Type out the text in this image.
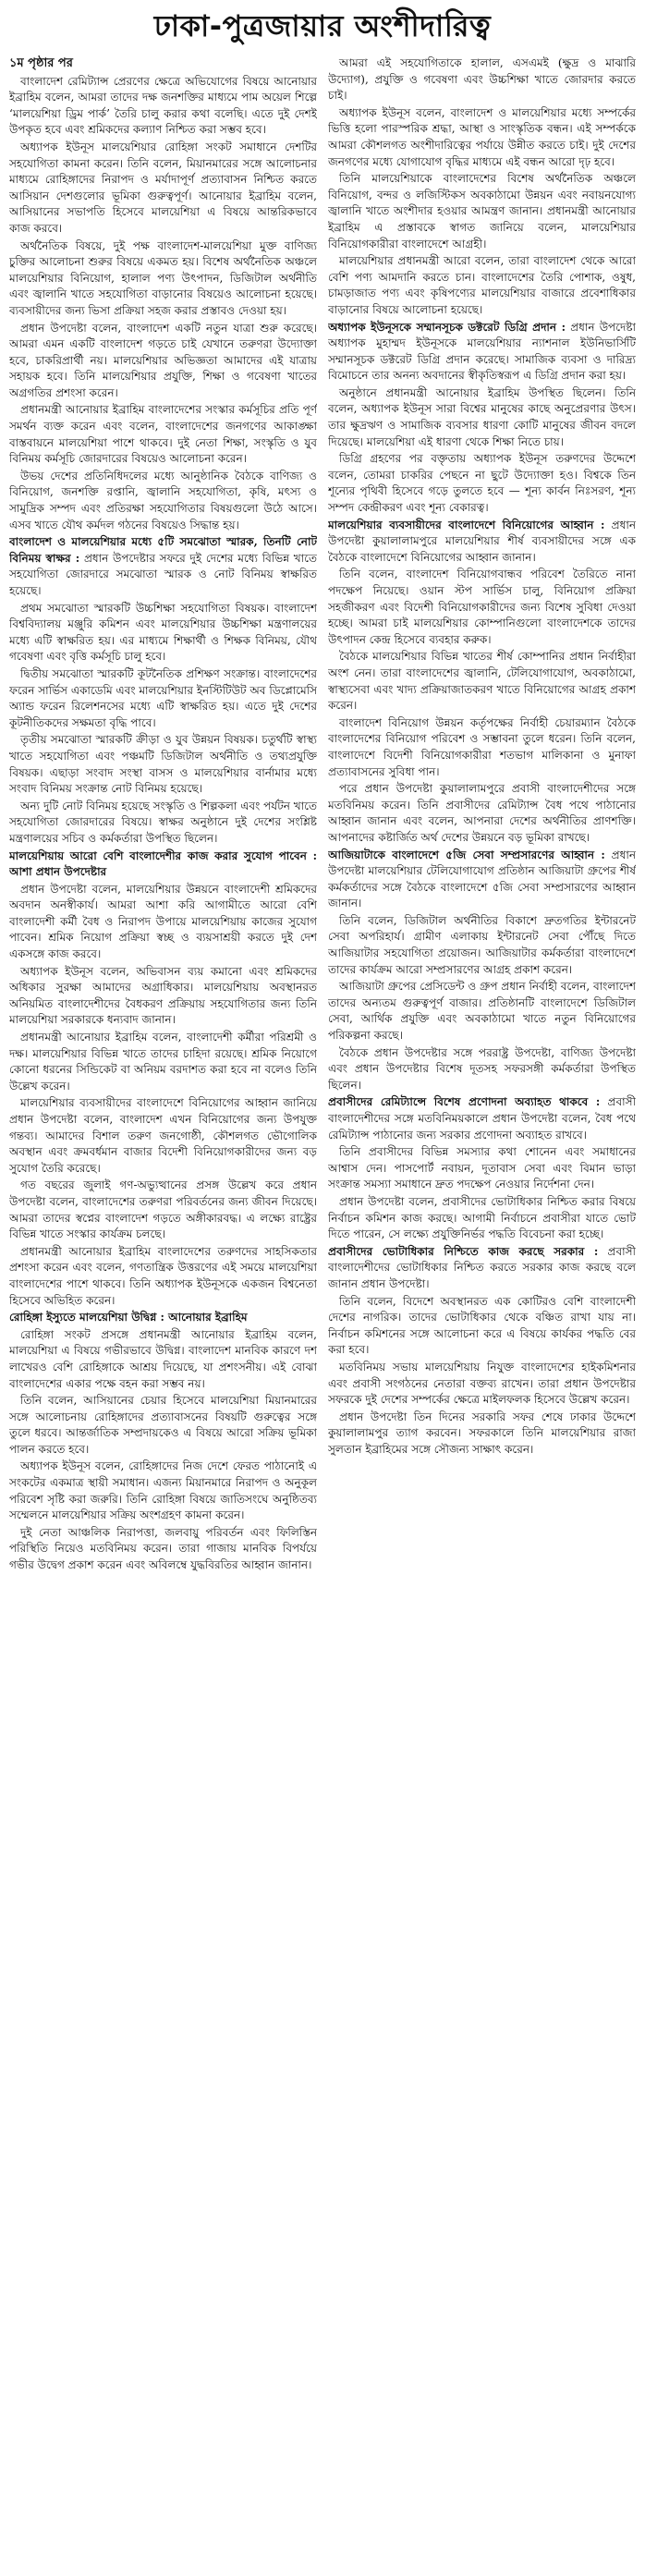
ঢাকা-পুত্রজায়ার অংশীদারিত্ব
১ম পৃষ্ঠার পর

বাংলাদেশ রেমিট্যান্স প্রেরণের ক্ষেত্রে অভিযোগের বিষয়ে আনোয়ার ইব্রাহিম বলেন, আমরা তাদের দক্ষ জনশক্তির মাধ্যমে পাম অয়েল শিল্পে ‘মালয়েশিয়া ড্রিম পার্ক’ তৈরি চালু করার কথা বলেছি। এতে দুই দেশই উপকৃত হবে এবং শ্রমিকদের কল্যাণ নিশ্চিত করা সম্ভব হবে।

অধ্যাপক ইউনূস মালয়েশিয়ার রোহিঙ্গা সংকট সমাধানে দেশটির সহযোগিতা কামনা করেন। তিনি বলেন, মিয়ানমারের সঙ্গে আলোচনার মাধ্যমে রোহিঙ্গাদের নিরাপদ ও মর্যাদাপূর্ণ প্রত্যাবাসন নিশ্চিত করতে আসিয়ান দেশগুলোর ভূমিকা গুরুত্বপূর্ণ। আনোয়ার ইব্রাহিম বলেন, আসিয়ানের সভাপতি হিসেবে মালয়েশিয়া এ বিষয়ে আন্তরিকভাবে কাজ করবে।

অর্থনৈতিক বিষয়ে, দুই পক্ষ বাংলাদেশ-মালয়েশিয়া মুক্ত বাণিজ্য চুক্তির আলোচনা শুরুর বিষয়ে একমত হয়। বিশেষ অর্থনৈতিক অঞ্চলে মালয়েশিয়ার বিনিয়োগ, হালাল পণ্য উৎপাদন, ডিজিটাল অর্থনীতি এবং জ্বালানি খাতে সহযোগিতা বাড়ানোর বিষয়েও আলোচনা হয়েছে। ব্যবসায়ীদের জন্য ভিসা প্রক্রিয়া সহজ করার প্রস্তাবও দেওয়া হয়।

প্রধান উপদেষ্টা বলেন, বাংলাদেশ একটি নতুন যাত্রা শুরু করেছে। আমরা এমন একটি বাংলাদেশ গড়তে চাই যেখানে তরুণরা উদ্যোক্তা হবে, চাকরিপ্রার্থী নয়। মালয়েশিয়ার অভিজ্ঞতা আমাদের এই যাত্রায় সহায়ক হবে। তিনি মালয়েশিয়ার প্রযুক্তি, শিক্ষা ও গবেষণা খাতের অগ্রগতির প্রশংসা করেন।

প্রধানমন্ত্রী আনোয়ার ইব্রাহিম বাংলাদেশের সংস্কার কর্মসূচির প্রতি পূর্ণ সমর্থন ব্যক্ত করেন এবং বলেন, বাংলাদেশের জনগণের আকাঙ্ক্ষা বাস্তবায়নে মালয়েশিয়া পাশে থাকবে। দুই নেতা শিক্ষা, সংস্কৃতি ও যুব বিনিময় কর্মসূচি জোরদারের বিষয়েও আলোচনা করেন।

উভয় দেশের প্রতিনিধিদলের মধ্যে আনুষ্ঠানিক বৈঠকে বাণিজ্য ও বিনিয়োগ, জনশক্তি রপ্তানি, জ্বালানি সহযোগিতা, কৃষি, মৎস্য ও সামুদ্রিক সম্পদ এবং প্রতিরক্ষা সহযোগিতার বিষয়গুলো উঠে আসে। এসব খাতে যৌথ কর্মদল গঠনের বিষয়েও সিদ্ধান্ত হয়।

বাংলাদেশ ও মালয়েশিয়ার মধ্যে ৫টি সমঝোতা স্মারক, তিনটি নোট বিনিময় স্বাক্ষর : প্রধান উপদেষ্টার সফরে দুই দেশের মধ্যে বিভিন্ন খাতে সহযোগিতা জোরদারে সমঝোতা স্মারক ও নোট বিনিময় স্বাক্ষরিত হয়েছে।

প্রথম সমঝোতা স্মারকটি উচ্চশিক্ষা সহযোগিতা বিষয়ক। বাংলাদেশ বিশ্ববিদ্যালয় মঞ্জুরি কমিশন এবং মালয়েশিয়ার উচ্চশিক্ষা মন্ত্রণালয়ের মধ্যে এটি স্বাক্ষরিত হয়। এর মাধ্যমে শিক্ষার্থী ও শিক্ষক বিনিময়, যৌথ গবেষণা এবং বৃত্তি কর্মসূচি চালু হবে।

দ্বিতীয় সমঝোতা স্মারকটি কূটনৈতিক প্রশিক্ষণ সংক্রান্ত। বাংলাদেশের ফরেন সার্ভিস একাডেমি এবং মালয়েশিয়ার ইনস্টিটিউট অব ডিপ্লোমেসি অ্যান্ড ফরেন রিলেশনসের মধ্যে এটি স্বাক্ষরিত হয়। এতে দুই দেশের কূটনীতিকদের সক্ষমতা বৃদ্ধি পাবে।

তৃতীয় সমঝোতা স্মারকটি ক্রীড়া ও যুব উন্নয়ন বিষয়ক। চতুর্থটি স্বাস্থ্য খাতে সহযোগিতা এবং পঞ্চমটি ডিজিটাল অর্থনীতি ও তথ্যপ্রযুক্তি বিষয়ক। এছাড়া সংবাদ সংস্থা বাসস ও মালয়েশিয়ার বার্নামার মধ্যে সংবাদ বিনিময় সংক্রান্ত নোট বিনিময় হয়েছে।

অন্য দুটি নোট বিনিময় হয়েছে সংস্কৃতি ও শিল্পকলা এবং পর্যটন খাতে সহযোগিতা জোরদারের বিষয়ে। স্বাক্ষর অনুষ্ঠানে দুই দেশের সংশ্লিষ্ট মন্ত্রণালয়ের সচিব ও কর্মকর্তারা উপস্থিত ছিলেন।

মালয়েশিয়ায় আরো বেশি বাংলাদেশীর কাজ করার সুযোগ পাবেন : আশা প্রধান উপদেষ্টার

প্রধান উপদেষ্টা বলেন, মালয়েশিয়ার উন্নয়নে বাংলাদেশী শ্রমিকদের অবদান অনস্বীকার্য। আমরা আশা করি আগামীতে আরো বেশি বাংলাদেশী কর্মী বৈধ ও নিরাপদ উপায়ে মালয়েশিয়ায় কাজের সুযোগ পাবেন। শ্রমিক নিয়োগ প্রক্রিয়া স্বচ্ছ ও ব্যয়সাশ্রয়ী করতে দুই দেশ একসঙ্গে কাজ করবে।

অধ্যাপক ইউনূস বলেন, অভিবাসন ব্যয় কমানো এবং শ্রমিকদের অধিকার সুরক্ষা আমাদের অগ্রাধিকার। মালয়েশিয়ায় অবস্থানরত অনিয়মিত বাংলাদেশীদের বৈধকরণ প্রক্রিয়ায় সহযোগিতার জন্য তিনি মালয়েশিয়া সরকারকে ধন্যবাদ জানান।

প্রধানমন্ত্রী আনোয়ার ইব্রাহিম বলেন, বাংলাদেশী কর্মীরা পরিশ্রমী ও দক্ষ। মালয়েশিয়ার বিভিন্ন খাতে তাদের চাহিদা রয়েছে। শ্রমিক নিয়োগে কোনো ধরনের সিন্ডিকেট বা অনিয়ম বরদাশত করা হবে না বলেও তিনি উল্লেখ করেন।

মালয়েশিয়ার ব্যবসায়ীদের বাংলাদেশে বিনিয়োগের আহ্বান জানিয়ে প্রধান উপদেষ্টা বলেন, বাংলাদেশ এখন বিনিয়োগের জন্য উপযুক্ত গন্তব্য। আমাদের বিশাল তরুণ জনগোষ্ঠী, কৌশলগত ভৌগোলিক অবস্থান এবং ক্রমবর্ধমান বাজার বিদেশী বিনিয়োগকারীদের জন্য বড় সুযোগ তৈরি করেছে।

গত বছরের জুলাই গণ-অভ্যুত্থানের প্রসঙ্গ উল্লেখ করে প্রধান উপদেষ্টা বলেন, বাংলাদেশের তরুণরা পরিবর্তনের জন্য জীবন দিয়েছে। আমরা তাদের স্বপ্নের বাংলাদেশ গড়তে অঙ্গীকারবদ্ধ। এ লক্ষ্যে রাষ্ট্রের বিভিন্ন খাতে সংস্কার কার্যক্রম চলছে।

প্রধানমন্ত্রী আনোয়ার ইব্রাহিম বাংলাদেশের তরুণদের সাহসিকতার প্রশংসা করেন এবং বলেন, গণতান্ত্রিক উত্তরণের এই সময়ে মালয়েশিয়া বাংলাদেশের পাশে থাকবে। তিনি অধ্যাপক ইউনূসকে একজন বিশ্বনেতা হিসেবে অভিহিত করেন।

রোহিঙ্গা ইস্যুতে মালয়েশিয়া উদ্বিগ্ন : আনোয়ার ইব্রাহিম

রোহিঙ্গা সংকট প্রসঙ্গে প্রধানমন্ত্রী আনোয়ার ইব্রাহিম বলেন, মালয়েশিয়া এ বিষয়ে গভীরভাবে উদ্বিগ্ন। বাংলাদেশ মানবিক কারণে দশ লাখেরও বেশি রোহিঙ্গাকে আশ্রয় দিয়েছে, যা প্রশংসনীয়। এই বোঝা বাংলাদেশের একার পক্ষে বহন করা সম্ভব নয়।

তিনি বলেন, আসিয়ানের চেয়ার হিসেবে মালয়েশিয়া মিয়ানমারের সঙ্গে আলোচনায় রোহিঙ্গাদের প্রত্যাবাসনের বিষয়টি গুরুত্বের সঙ্গে তুলে ধরবে। আন্তর্জাতিক সম্প্রদায়কেও এ বিষয়ে আরো সক্রিয় ভূমিকা পালন করতে হবে।

অধ্যাপক ইউনূস বলেন, রোহিঙ্গাদের নিজ দেশে ফেরত পাঠানোই এ সংকটের একমাত্র স্থায়ী সমাধান। এজন্য মিয়ানমারে নিরাপদ ও অনুকূল পরিবেশ সৃষ্টি করা জরুরি। তিনি রোহিঙ্গা বিষয়ে জাতিসংঘে অনুষ্ঠিতব্য সম্মেলনে মালয়েশিয়ার সক্রিয় অংশগ্রহণ কামনা করেন।

দুই নেতা আঞ্চলিক নিরাপত্তা, জলবায়ু পরিবর্তন এবং ফিলিস্তিন পরিস্থিতি নিয়েও মতবিনিময় করেন। তারা গাজায় মানবিক বিপর্যয়ে গভীর উদ্বেগ প্রকাশ করেন এবং অবিলম্বে যুদ্ধবিরতির আহ্বান জানান।

আমরা এই সহযোগিতাকে হালাল, এসএমই (ক্ষুদ্র ও মাঝারি উদ্যোগ), প্রযুক্তি ও গবেষণা এবং উচ্চশিক্ষা খাতে জোরদার করতে চাই।

অধ্যাপক ইউনূস বলেন, বাংলাদেশ ও মালয়েশিয়ার মধ্যে সম্পর্কের ভিত্তি হলো পারস্পরিক শ্রদ্ধা, আস্থা ও সাংস্কৃতিক বন্ধন। এই সম্পর্ককে আমরা কৌশলগত অংশীদারিত্বের পর্যায়ে উন্নীত করতে চাই। দুই দেশের জনগণের মধ্যে যোগাযোগ বৃদ্ধির মাধ্যমে এই বন্ধন আরো দৃঢ় হবে।

তিনি মালয়েশিয়াকে বাংলাদেশের বিশেষ অর্থনৈতিক অঞ্চলে বিনিয়োগ, বন্দর ও লজিস্টিকস অবকাঠামো উন্নয়ন এবং নবায়নযোগ্য জ্বালানি খাতে অংশীদার হওয়ার আমন্ত্রণ জানান। প্রধানমন্ত্রী আনোয়ার ইব্রাহিম এ প্রস্তাবকে স্বাগত জানিয়ে বলেন, মালয়েশিয়ার বিনিয়োগকারীরা বাংলাদেশে আগ্রহী।

মালয়েশিয়ার প্রধানমন্ত্রী আরো বলেন, তারা বাংলাদেশ থেকে আরো বেশি পণ্য আমদানি করতে চান। বাংলাদেশের তৈরি পোশাক, ওষুধ, চামড়াজাত পণ্য এবং কৃষিপণ্যের মালয়েশিয়ার বাজারে প্রবেশাধিকার বাড়ানোর বিষয়ে আলোচনা হয়েছে।

অধ্যাপক ইউনূসকে সম্মানসূচক ডক্টরেট ডিগ্রি প্রদান : প্রধান উপদেষ্টা অধ্যাপক মুহাম্মদ ইউনূসকে মালয়েশিয়ার ন্যাশনাল ইউনিভার্সিটি সম্মানসূচক ডক্টরেট ডিগ্রি প্রদান করেছে। সামাজিক ব্যবসা ও দারিদ্র্য বিমোচনে তার অনন্য অবদানের স্বীকৃতিস্বরূপ এ ডিগ্রি প্রদান করা হয়।

অনুষ্ঠানে প্রধানমন্ত্রী আনোয়ার ইব্রাহিম উপস্থিত ছিলেন। তিনি বলেন, অধ্যাপক ইউনূস সারা বিশ্বের মানুষের কাছে অনুপ্রেরণার উৎস। তার ক্ষুদ্রঋণ ও সামাজিক ব্যবসার ধারণা কোটি মানুষের জীবন বদলে দিয়েছে। মালয়েশিয়া এই ধারণা থেকে শিক্ষা নিতে চায়।

ডিগ্রি গ্রহণের পর বক্তৃতায় অধ্যাপক ইউনূস তরুণদের উদ্দেশে বলেন, তোমরা চাকরির পেছনে না ছুটে উদ্যোক্তা হও। বিশ্বকে তিন শূন্যের পৃথিবী হিসেবে গড়ে তুলতে হবে — শূন্য কার্বন নিঃসরণ, শূন্য সম্পদ কেন্দ্রীকরণ এবং শূন্য বেকারত্ব।

মালয়েশিয়ার ব্যবসায়ীদের বাংলাদেশে বিনিয়োগের আহ্বান : প্রধান উপদেষ্টা কুয়ালালামপুরে মালয়েশিয়ার শীর্ষ ব্যবসায়ীদের সঙ্গে এক বৈঠকে বাংলাদেশে বিনিয়োগের আহ্বান জানান।

তিনি বলেন, বাংলাদেশ বিনিয়োগবান্ধব পরিবেশ তৈরিতে নানা পদক্ষেপ নিয়েছে। ওয়ান স্টপ সার্ভিস চালু, বিনিয়োগ প্রক্রিয়া সহজীকরণ এবং বিদেশী বিনিয়োগকারীদের জন্য বিশেষ সুবিধা দেওয়া হচ্ছে। আমরা চাই মালয়েশিয়ার কোম্পানিগুলো বাংলাদেশকে তাদের উৎপাদন কেন্দ্র হিসেবে ব্যবহার করুক।

বৈঠকে মালয়েশিয়ার বিভিন্ন খাতের শীর্ষ কোম্পানির প্রধান নির্বাহীরা অংশ নেন। তারা বাংলাদেশের জ্বালানি, টেলিযোগাযোগ, অবকাঠামো, স্বাস্থ্যসেবা এবং খাদ্য প্রক্রিয়াজাতকরণ খাতে বিনিয়োগের আগ্রহ প্রকাশ করেন।

বাংলাদেশ বিনিয়োগ উন্নয়ন কর্তৃপক্ষের নির্বাহী চেয়ারম্যান বৈঠকে বাংলাদেশের বিনিয়োগ পরিবেশ ও সম্ভাবনা তুলে ধরেন। তিনি বলেন, বাংলাদেশে বিদেশী বিনিয়োগকারীরা শতভাগ মালিকানা ও মুনাফা প্রত্যাবাসনের সুবিধা পান।

পরে প্রধান উপদেষ্টা কুয়ালালামপুরে প্রবাসী বাংলাদেশীদের সঙ্গে মতবিনিময় করেন। তিনি প্রবাসীদের রেমিট্যান্স বৈধ পথে পাঠানোর আহ্বান জানান এবং বলেন, আপনারা দেশের অর্থনীতির প্রাণশক্তি। আপনাদের কষ্টার্জিত অর্থ দেশের উন্নয়নে বড় ভূমিকা রাখছে।

আজিয়াটাকে বাংলাদেশে ৫জি সেবা সম্প্রসারণের আহ্বান : প্রধান উপদেষ্টা মালয়েশিয়ার টেলিযোগাযোগ প্রতিষ্ঠান আজিয়াটা গ্রুপের শীর্ষ কর্মকর্তাদের সঙ্গে বৈঠকে বাংলাদেশে ৫জি সেবা সম্প্রসারণের আহ্বান জানান।

তিনি বলেন, ডিজিটাল অর্থনীতির বিকাশে দ্রুতগতির ইন্টারনেট সেবা অপরিহার্য। গ্রামীণ এলাকায় ইন্টারনেট সেবা পৌঁছে দিতে আজিয়াটার সহযোগিতা প্রয়োজন। আজিয়াটার কর্মকর্তারা বাংলাদেশে তাদের কার্যক্রম আরো সম্প্রসারণের আগ্রহ প্রকাশ করেন।

আজিয়াটা গ্রুপের প্রেসিডেন্ট ও গ্রুপ প্রধান নির্বাহী বলেন, বাংলাদেশ তাদের অন্যতম গুরুত্বপূর্ণ বাজার। প্রতিষ্ঠানটি বাংলাদেশে ডিজিটাল সেবা, আর্থিক প্রযুক্তি এবং অবকাঠামো খাতে নতুন বিনিয়োগের পরিকল্পনা করছে।

বৈঠকে প্রধান উপদেষ্টার সঙ্গে পররাষ্ট্র উপদেষ্টা, বাণিজ্য উপদেষ্টা এবং প্রধান উপদেষ্টার বিশেষ দূতসহ সফরসঙ্গী কর্মকর্তারা উপস্থিত ছিলেন।

প্রবাসীদের রেমিট্যান্সে বিশেষ প্রণোদনা অব্যাহত থাকবে : প্রবাসী বাংলাদেশীদের সঙ্গে মতবিনিময়কালে প্রধান উপদেষ্টা বলেন, বৈধ পথে রেমিট্যান্স পাঠানোর জন্য সরকার প্রণোদনা অব্যাহত রাখবে।

তিনি প্রবাসীদের বিভিন্ন সমস্যার কথা শোনেন এবং সমাধানের আশ্বাস দেন। পাসপোর্ট নবায়ন, দূতাবাস সেবা এবং বিমান ভাড়া সংক্রান্ত সমস্যা সমাধানে দ্রুত পদক্ষেপ নেওয়ার নির্দেশনা দেন।

প্রধান উপদেষ্টা বলেন, প্রবাসীদের ভোটাধিকার নিশ্চিত করার বিষয়ে নির্বাচন কমিশন কাজ করছে। আগামী নির্বাচনে প্রবাসীরা যাতে ভোট দিতে পারেন, সে লক্ষ্যে প্রযুক্তিনির্ভর পদ্ধতি বিবেচনা করা হচ্ছে।

প্রবাসীদের ভোটাধিকার নিশ্চিতে কাজ করছে সরকার : প্রবাসী বাংলাদেশীদের ভোটাধিকার নিশ্চিত করতে সরকার কাজ করছে বলে জানান প্রধান উপদেষ্টা।

তিনি বলেন, বিদেশে অবস্থানরত এক কোটিরও বেশি বাংলাদেশী দেশের নাগরিক। তাদের ভোটাধিকার থেকে বঞ্চিত রাখা যায় না। নির্বাচন কমিশনের সঙ্গে আলোচনা করে এ বিষয়ে কার্যকর পদ্ধতি বের করা হবে।

মতবিনিময় সভায় মালয়েশিয়ায় নিযুক্ত বাংলাদেশের হাইকমিশনার এবং প্রবাসী সংগঠনের নেতারা বক্তব্য রাখেন। তারা প্রধান উপদেষ্টার সফরকে দুই দেশের সম্পর্কের ক্ষেত্রে মাইলফলক হিসেবে উল্লেখ করেন।

প্রধান উপদেষ্টা তিন দিনের সরকারি সফর শেষে ঢাকার উদ্দেশে কুয়ালালামপুর ত্যাগ করবেন। সফরকালে তিনি মালয়েশিয়ার রাজা সুলতান ইব্রাহিমের সঙ্গে সৌজন্য সাক্ষাৎ করেন।
